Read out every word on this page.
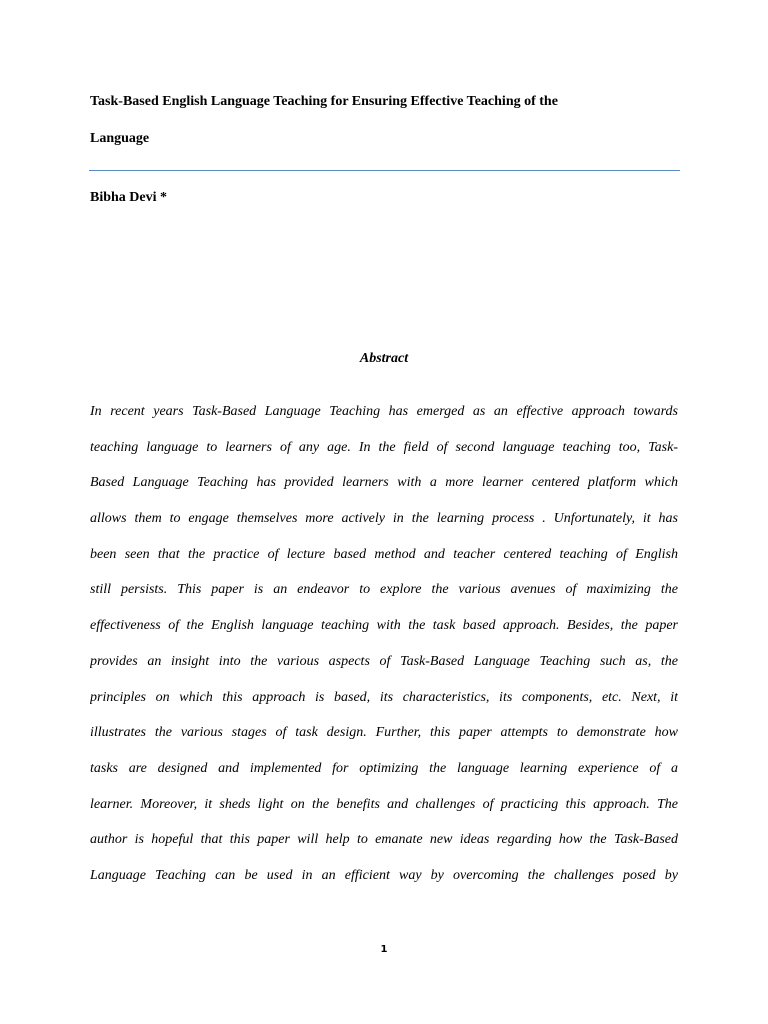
Task-Based English Language Teaching for Ensuring Effective Teaching of the
Language
Bibha Devi *
Abstract
In recent years Task-Based Language Teaching has emerged as an effective approach towards
teaching language to learners of any age. In the field of second language teaching too, Task-
Based Language Teaching has provided learners with a more learner centered platform which
allows them to engage themselves more actively in the learning process . Unfortunately, it has
been seen that the practice of lecture based method and teacher centered teaching of English
still persists. This paper is an endeavor to explore the various avenues of maximizing the
effectiveness of the English language teaching with the task based approach. Besides, the paper
provides an insight into the various aspects of Task-Based Language Teaching such as, the
principles on which this approach is based, its characteristics, its components, etc. Next, it
illustrates the various stages of task design. Further, this paper attempts to demonstrate how
tasks are designed and implemented for optimizing the language learning experience of a
learner. Moreover, it sheds light on the benefits and challenges of practicing this approach. The
author is hopeful that this paper will help to emanate new ideas regarding how the Task-Based
Language Teaching can be used in an efficient way by overcoming the challenges posed by
1
